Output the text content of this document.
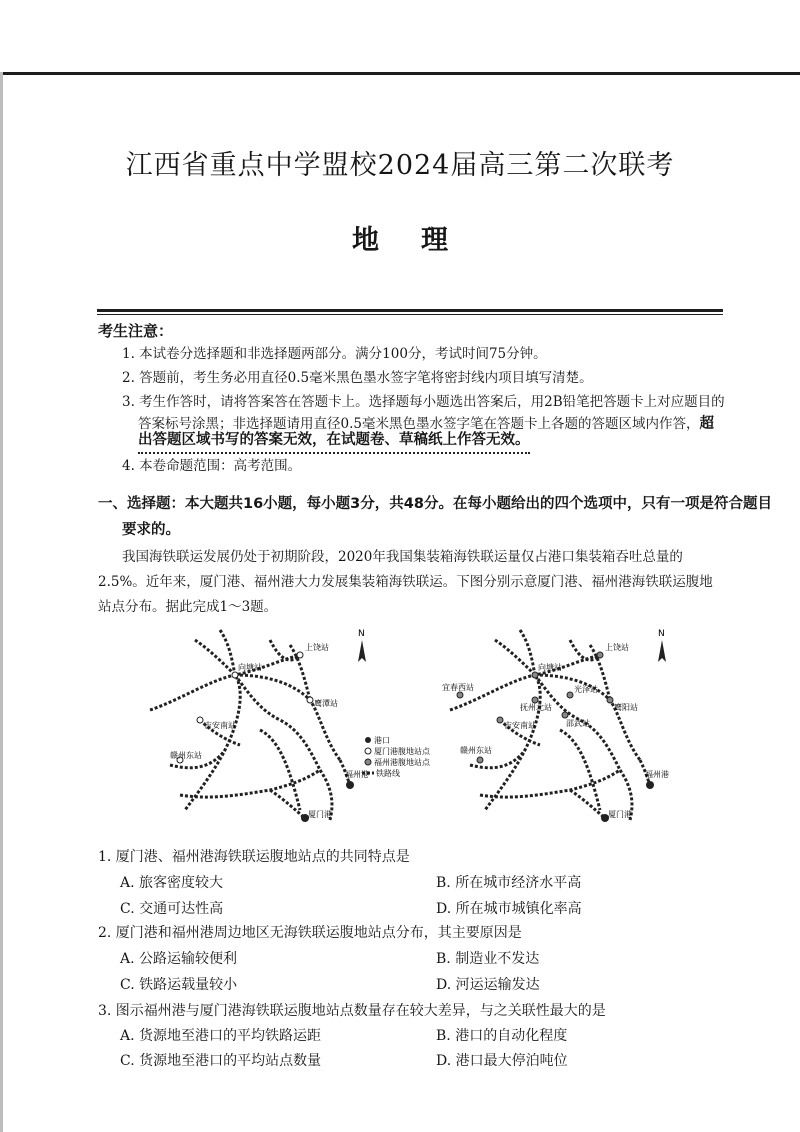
江西省重点中学盟校2024届高三第二次联考
地理
考生注意：
1. 本试卷分选择题和非选择题两部分。满分100分，考试时间75分钟。
2. 答题前，考生务必用直径0.5毫米黑色墨水签字笔将密封线内项目填写清楚。
3. 考生作答时，请将答案答在答题卡上。选择题每小题选出答案后，用2B铅笔把答题卡上对应题目的
答案标号涂黑；非选择题请用直径0.5毫米黑色墨水签字笔在答题卡上各题的答题区域内作答，超
出答题区域书写的答案无效，在试题卷、草稿纸上作答无效。
4. 本卷命题范围：高考范围。
一、选择题：本大题共16小题，每小题3分，共48分。在每小题给出的四个选项中，只有一项是符合题目
要求的。
我国海铁联运发展仍处于初期阶段，2020年我国集装箱海铁联运量仅占港口集装箱吞吐总量的
2.5%。近年来，厦门港、福州港大力发展集装箱海铁联运。下图分别示意厦门港、福州港海铁联运腹地
站点分布。据此完成1～3题。
N
向塘站
上饶站
鹰潭站
吉安南站
赣州东站
福州港
厦门港
港口
厦门港腹地站点
福州港腹地站点
铁路线
N
向塘站
上饶站
宜春西站
抚州北站
光泽站
邵武站
鹰阳站
吉安南站
赣州东站
福州港
厦门港
1. 厦门港、福州港海铁联运腹地站点的共同特点是
A. 旅客密度较大	B. 所在城市经济水平高
C. 交通可达性高	D. 所在城市城镇化率高
2. 厦门港和福州港周边地区无海铁联运腹地站点分布，其主要原因是
A. 公路运输较便利	B. 制造业不发达
C. 铁路运载量较小	D. 河运运输发达
3. 图示福州港与厦门港海铁联运腹地站点数量存在较大差异，与之关联性最大的是
A. 货源地至港口的平均铁路运距	B. 港口的自动化程度
C. 货源地至港口的平均站点数量	D. 港口最大停泊吨位
